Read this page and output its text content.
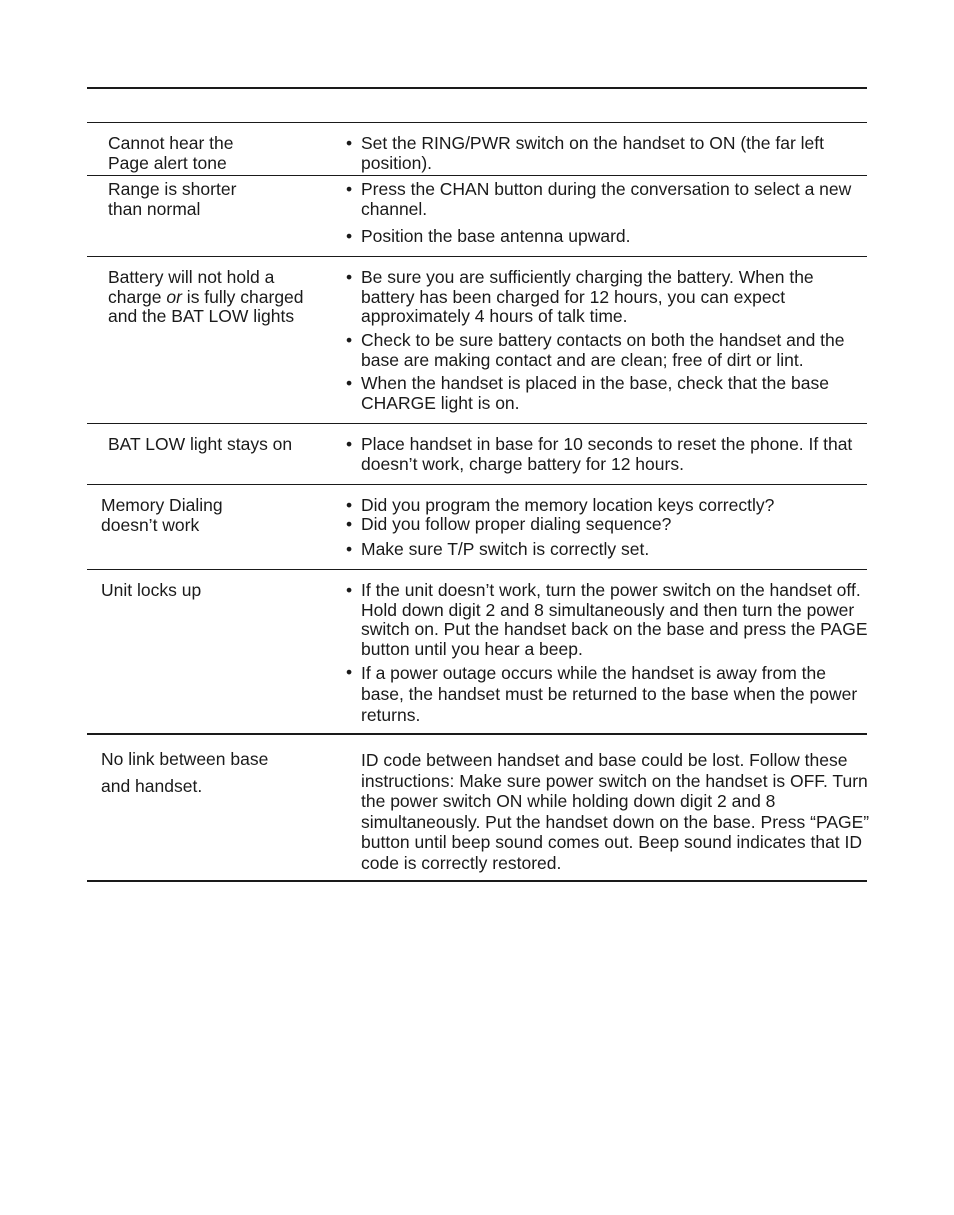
Cannot hear the
Page alert tone
• Set the RING/PWR switch on the handset to ON (the far left position).
Range is shorter
than normal
• Press the CHAN button during the conversation to select a new channel.
• Position the base antenna upward.
Battery will not hold a
charge or is fully charged
and the BAT LOW lights
• Be sure you are sufficiently charging the battery. When the battery has been charged for 12 hours, you can expect approximately 4 hours of talk time.
• Check to be sure battery contacts on both the handset and the base are making contact and are clean; free of dirt or lint.
• When the handset is placed in the base, check that the base CHARGE light is on.
BAT LOW light stays on	• Place handset in base for 10 seconds to reset the phone. If that doesn’t work, charge battery for 12 hours.
Memory Dialing
doesn’t work
• Did you program the memory location keys correctly?
• Did you follow proper dialing sequence?
• Make sure T/P switch is correctly set.
Unit locks up	• If the unit doesn’t work, turn the power switch on the handset off. Hold down digit 2 and 8 simultaneously and then turn the power switch on. Put the handset back on the base and press the PAGE button until you hear a beep.
• If a power outage occurs while the handset is away from the base, the handset must be returned to the base when the power returns.
No link between base
and handset.
ID code between handset and base could be lost. Follow these instructions: Make sure power switch on the handset is OFF. Turn the power switch ON while holding down digit 2 and 8 simultaneously. Put the handset down on the base. Press “PAGE” button until beep sound comes out. Beep sound indicates that ID code is correctly restored.
